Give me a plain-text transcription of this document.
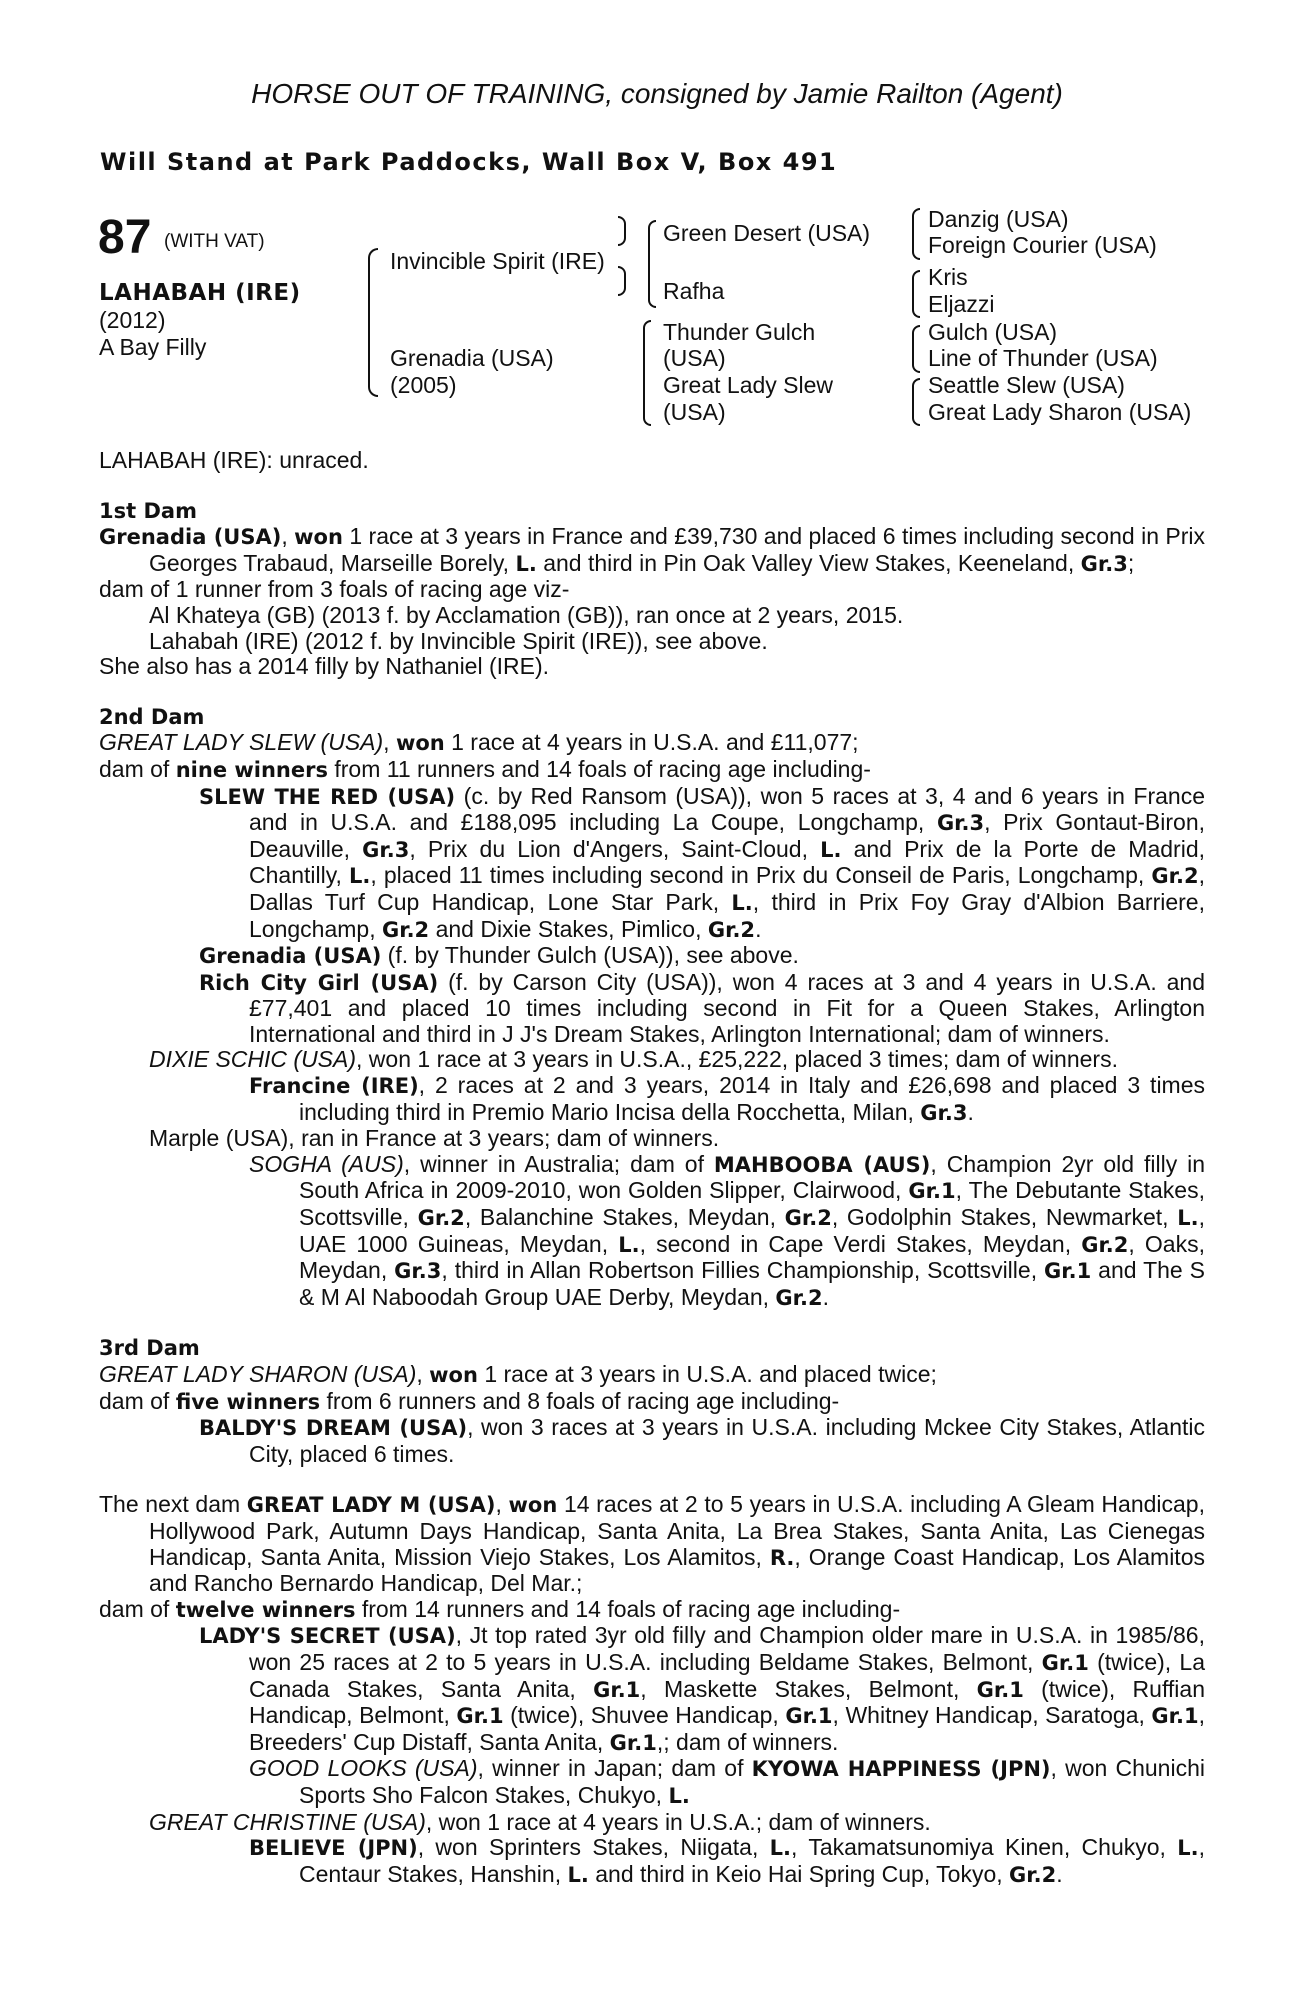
HORSE OUT OF TRAINING, consigned by Jamie Railton (Agent)
Will Stand at Park Paddocks, Wall Box V, Box 491
87 (WITH VAT)
LAHABAH (IRE)
(2012)
A Bay Filly
Invincible Spirit (IRE)
Grenadia (USA)
(2005)
Green Desert (USA)
Rafha
Thunder Gulch
(USA)
Great Lady Slew
(USA)
Danzig (USA)
Foreign Courier (USA)
Kris
Eljazzi
Gulch (USA)
Line of Thunder (USA)
Seattle Slew (USA)
Great Lady Sharon (USA)

LAHABAH (IRE): unraced.

1st Dam

Grenadia (USA), won 1 race at 3 years in France and £39,730 and placed 6 times including second in Prix Georges Trabaud, Marseille Borely, L. and third in Pin Oak Valley View Stakes, Keeneland, Gr.3;

dam of 1 runner from 3 foals of racing age viz-

Al Khateya (GB) (2013 f. by Acclamation (GB)), ran once at 2 years, 2015.

Lahabah (IRE) (2012 f. by Invincible Spirit (IRE)), see above.

She also has a 2014 filly by Nathaniel (IRE).

2nd Dam

GREAT LADY SLEW (USA), won 1 race at 4 years in U.S.A. and £11,077;

dam of nine winners from 11 runners and 14 foals of racing age including-

SLEW THE RED (USA) (c. by Red Ransom (USA)), won 5 races at 3, 4 and 6 years in France and in U.S.A. and £188,095 including La Coupe, Longchamp, Gr.3, Prix Gontaut-Biron, Deauville, Gr.3, Prix du Lion d'Angers, Saint-Cloud, L. and Prix de la Porte de Madrid, Chantilly, L., placed 11 times including second in Prix du Conseil de Paris, Longchamp, Gr.2, Dallas Turf Cup Handicap, Lone Star Park, L., third in Prix Foy Gray d'Albion Barriere, Longchamp, Gr.2 and Dixie Stakes, Pimlico, Gr.2.

Grenadia (USA) (f. by Thunder Gulch (USA)), see above.

Rich City Girl (USA) (f. by Carson City (USA)), won 4 races at 3 and 4 years in U.S.A. and £77,401 and placed 10 times including second in Fit for a Queen Stakes, Arlington International and third in J J's Dream Stakes, Arlington International; dam of winners.

DIXIE SCHIC (USA), won 1 race at 3 years in U.S.A., £25,222, placed 3 times; dam of winners.

Francine (IRE), 2 races at 2 and 3 years, 2014 in Italy and £26,698 and placed 3 times including third in Premio Mario Incisa della Rocchetta, Milan, Gr.3.

Marple (USA), ran in France at 3 years; dam of winners.

SOGHA (AUS), winner in Australia; dam of MAHBOOBA (AUS), Champion 2yr old filly in South Africa in 2009-2010, won Golden Slipper, Clairwood, Gr.1, The Debutante Stakes, Scottsville, Gr.2, Balanchine Stakes, Meydan, Gr.2, Godolphin Stakes, Newmarket, L., UAE 1000 Guineas, Meydan, L., second in Cape Verdi Stakes, Meydan, Gr.2, Oaks, Meydan, Gr.3, third in Allan Robertson Fillies Championship, Scottsville, Gr.1 and The S & M Al Naboodah Group UAE Derby, Meydan, Gr.2.

3rd Dam

GREAT LADY SHARON (USA), won 1 race at 3 years in U.S.A. and placed twice;

dam of five winners from 6 runners and 8 foals of racing age including-

BALDY'S DREAM (USA), won 3 races at 3 years in U.S.A. including Mckee City Stakes, Atlantic City, placed 6 times.

The next dam GREAT LADY M (USA), won 14 races at 2 to 5 years in U.S.A. including A Gleam Handicap, Hollywood Park, Autumn Days Handicap, Santa Anita, La Brea Stakes, Santa Anita, Las Cienegas Handicap, Santa Anita, Mission Viejo Stakes, Los Alamitos, R., Orange Coast Handicap, Los Alamitos and Rancho Bernardo Handicap, Del Mar.;

dam of twelve winners from 14 runners and 14 foals of racing age including-

LADY'S SECRET (USA), Jt top rated 3yr old filly and Champion older mare in U.S.A. in 1985/86, won 25 races at 2 to 5 years in U.S.A. including Beldame Stakes, Belmont, Gr.1 (twice), La Canada Stakes, Santa Anita, Gr.1, Maskette Stakes, Belmont, Gr.1 (twice), Ruffian Handicap, Belmont, Gr.1 (twice), Shuvee Handicap, Gr.1, Whitney Handicap, Saratoga, Gr.1, Breeders' Cup Distaff, Santa Anita, Gr.1,; dam of winners.

GOOD LOOKS (USA), winner in Japan; dam of KYOWA HAPPINESS (JPN), won Chunichi Sports Sho Falcon Stakes, Chukyo, L.

GREAT CHRISTINE (USA), won 1 race at 4 years in U.S.A.; dam of winners.

BELIEVE (JPN), won Sprinters Stakes, Niigata, L., Takamatsunomiya Kinen, Chukyo, L., Centaur Stakes, Hanshin, L. and third in Keio Hai Spring Cup, Tokyo, Gr.2.
